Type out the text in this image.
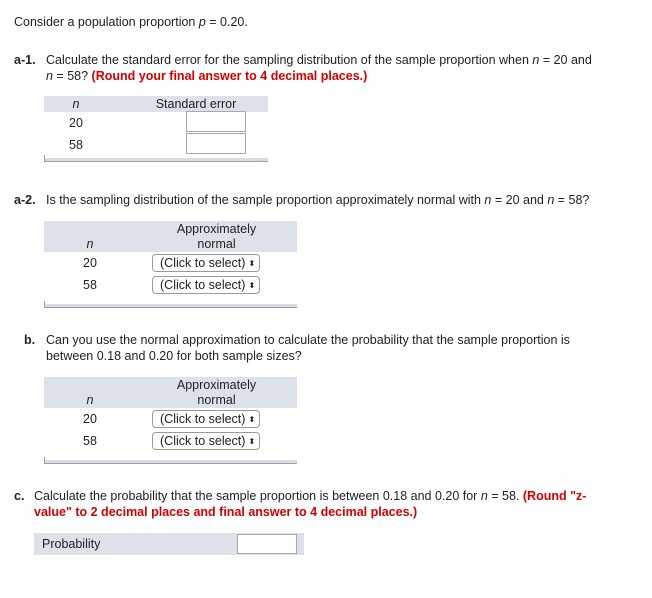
Consider a population proportion p = 0.20.
a-1. Calculate the standard error for the sampling distribution of the sample proportion when n = 20 and
n = 58? (Round your final answer to 4 decimal places.)
n	Standard error
20
58
a-2. Is the sampling distribution of the sample proportion approximately normal with n = 20 and n = 58?
n
Approximately
normal
20	(Click to select) ⬍
58	(Click to select) ⬍
b. Can you use the normal approximation to calculate the probability that the sample proportion is
between 0.18 and 0.20 for both sample sizes?
n
Approximately
normal
20	(Click to select) ⬍
58	(Click to select) ⬍
c. Calculate the probability that the sample proportion is between 0.18 and 0.20 for n = 58. (Round "z-
value" to 2 decimal places and final answer to 4 decimal places.)
Probability
